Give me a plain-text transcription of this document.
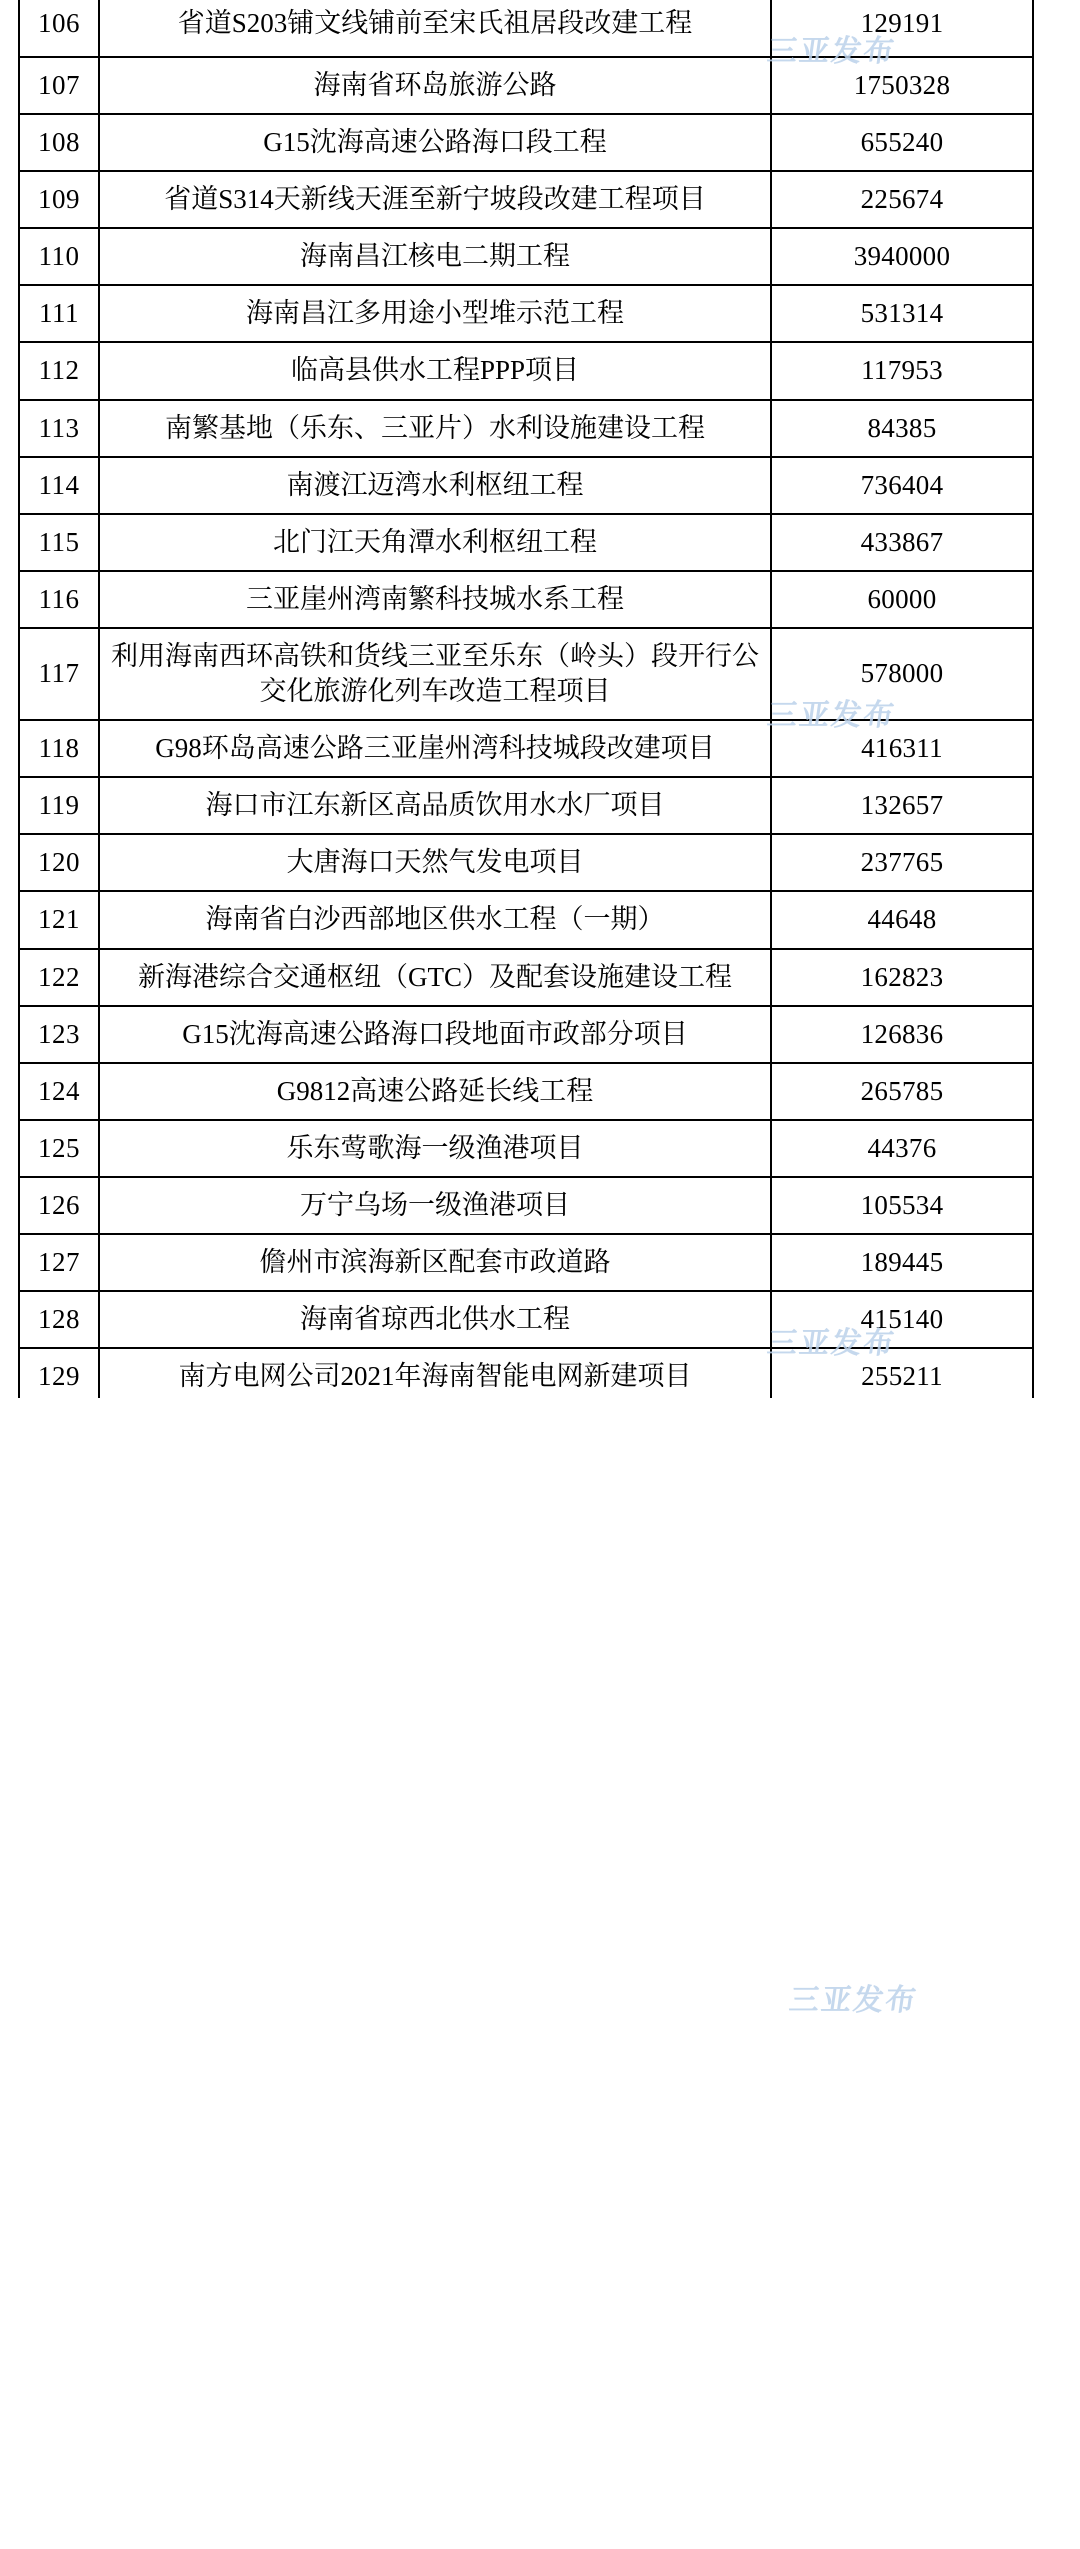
106	省道S203铺文线铺前至宋氏祖居段改建工程	129191
107	海南省环岛旅游公路	1750328
108	G15沈海高速公路海口段工程	655240
109	省道S314天新线天涯至新宁坡段改建工程项目	225674
110	海南昌江核电二期工程	3940000
111	海南昌江多用途小型堆示范工程	531314
112	临高县供水工程PPP项目	117953
113	南繁基地（乐东、三亚片）水利设施建设工程	84385
114	南渡江迈湾水利枢纽工程	736404
115	北门江天角潭水利枢纽工程	433867
116	三亚崖州湾南繁科技城水系工程	60000
117	利用海南西环高铁和货线三亚至乐东（岭头）段开行公交化旅游化列车改造工程项目	578000
118	G98环岛高速公路三亚崖州湾科技城段改建项目	416311
119	海口市江东新区高品质饮用水水厂项目	132657
120	大唐海口天然气发电项目	237765
121	海南省白沙西部地区供水工程（一期）	44648
122	新海港综合交通枢纽（GTC）及配套设施建设工程	162823
123	G15沈海高速公路海口段地面市政部分项目	126836
124	G9812高速公路延长线工程	265785
125	乐东莺歌海一级渔港项目	44376
126	万宁乌场一级渔港项目	105534
127	儋州市滨海新区配套市政道路	189445
128	海南省琼西北供水工程	415140
129	南方电网公司2021年海南智能电网新建项目	255211
三亚发布
三亚发布
三亚发布
三亚发布
